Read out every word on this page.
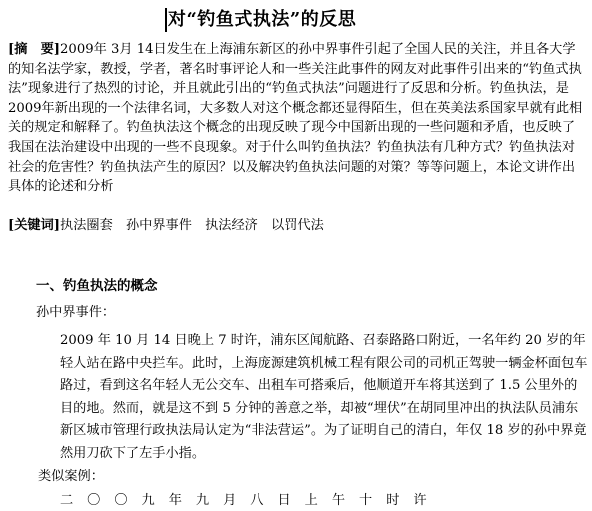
对“钓鱼式执法”的反思
[摘　要]2009年 3月 14日发生在上海浦东新区的孙中界事件引起了全国人民的关注，并且各大学的知名法学家，教授，学者，著名时事评论人和一些关注此事件的网友对此事件引出来的“钓鱼式执法”现象进行了热烈的讨论，并且就此引出的“钓鱼式执法”问题进行了反思和分析。钓鱼执法，是 2009年新出现的一个法律名词，大多数人对这个概念都还显得陌生，但在英美法系国家早就有此相关的规定和解释了。钓鱼执法这个概念的出现反映了现今中国新出现的一些问题和矛盾，也反映了我国在法治建设中出现的一些不良现象。对于什么叫钓鱼执法？钓鱼执法有几种方式？钓鱼执法对社会的危害性？钓鱼执法产生的原因？以及解决钓鱼执法问题的对策？等等问题上，本论文讲作出具体的论述和分析
[关键词]执法圈套　孙中界事件　执法经济　以罚代法
一、钓鱼执法的概念
孙中界事件：

2009 年 10 月 14 日晚上 7 时许，浦东区闻航路、召泰路路口附近，一名年约 20 岁的年轻人站在路中央拦车。此时，上海庞源建筑机械工程有限公司的司机正驾驶一辆金杯面包车路过，看到这名年轻人无公交车、出租车可搭乘后，他顺道开车将其送到了 1.5 公里外的目的地。然而，就是这不到 5 分钟的善意之举，却被“埋伏”在胡同里冲出的执法队员浦东新区城市管理行政执法局认定为“非法营运”。为了证明自己的清白，年仅 18 岁的孙中界竟然用刀砍下了左手小指。

类似案例：
二〇〇九年九月八日上午十时许
